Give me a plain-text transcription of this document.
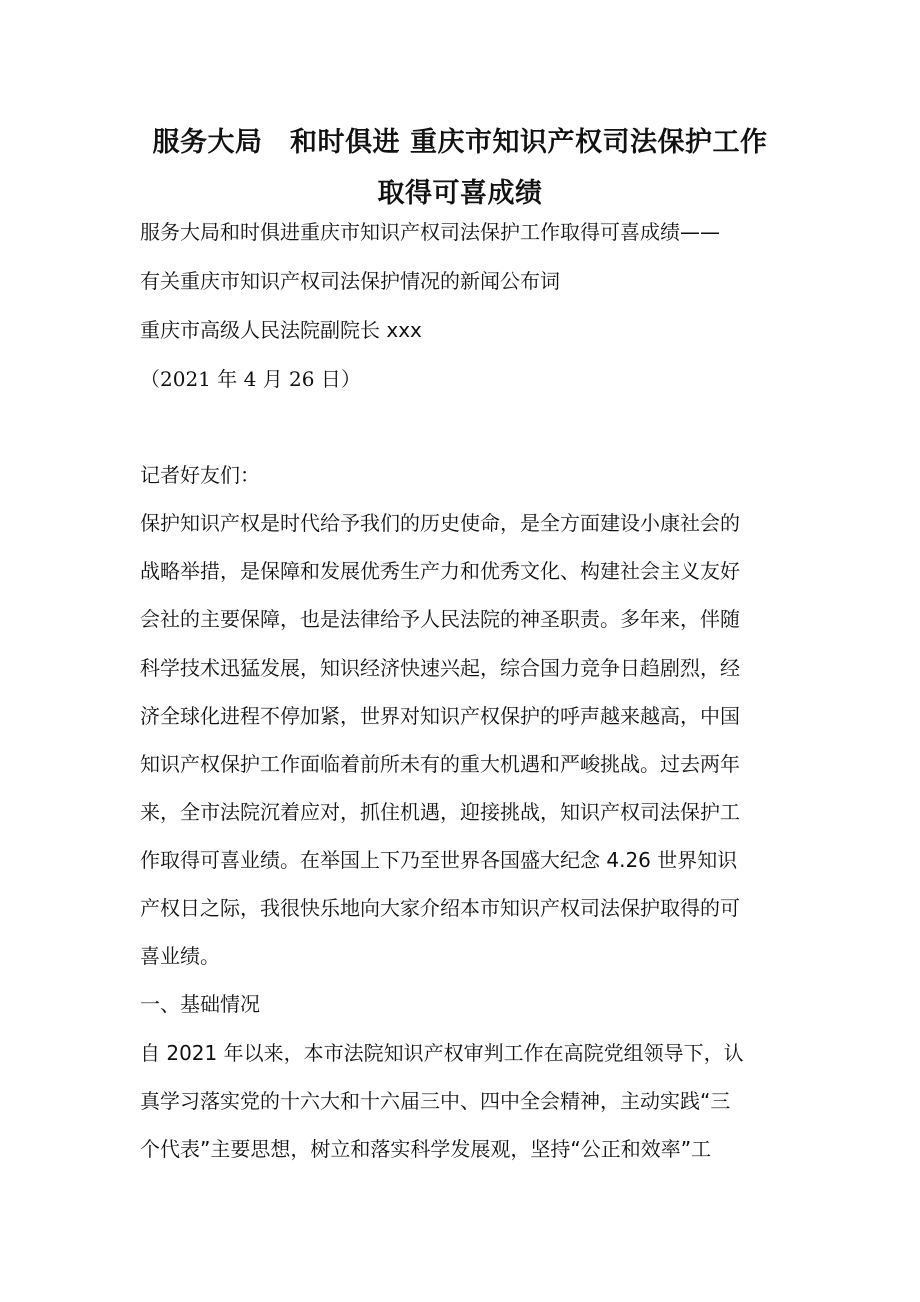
服务大局　和时俱进 重庆市知识产权司法保护工作
取得可喜成绩
服务大局和时俱进重庆市知识产权司法保护工作取得可喜成绩——
有关重庆市知识产权司法保护情况的新闻公布词
重庆市高级人民法院副院长 xxx
（2021 年 4 月 26 日）
记者好友们：
保护知识产权是时代给予我们的历史使命，是全方面建设小康社会的
战略举措，是保障和发展优秀生产力和优秀文化、构建社会主义友好
会社的主要保障，也是法律给予人民法院的神圣职责。多年来，伴随
科学技术迅猛发展，知识经济快速兴起，综合国力竞争日趋剧烈，经
济全球化进程不停加紧，世界对知识产权保护的呼声越来越高，中国
知识产权保护工作面临着前所未有的重大机遇和严峻挑战。过去两年
来，全市法院沉着应对，抓住机遇，迎接挑战，知识产权司法保护工
作取得可喜业绩。在举国上下乃至世界各国盛大纪念 4.26 世界知识
产权日之际，我很快乐地向大家介绍本市知识产权司法保护取得的可
喜业绩。
一、基础情况
自 2021 年以来，本市法院知识产权审判工作在高院党组领导下，认
真学习落实党的十六大和十六届三中、四中全会精神，主动实践“三
个代表”主要思想，树立和落实科学发展观，坚持“公正和效率”工
